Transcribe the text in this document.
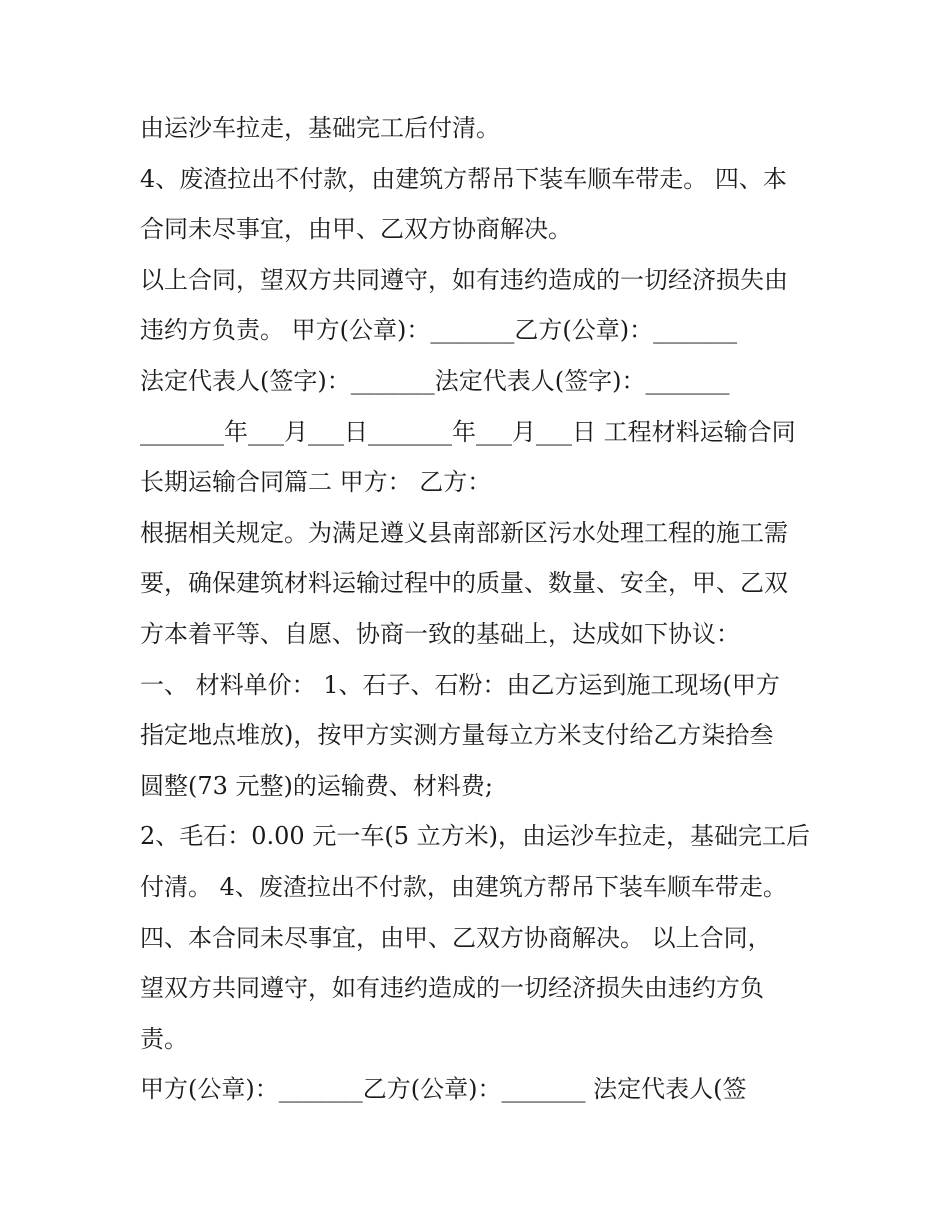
由运沙车拉走，基础完工后付清。
4、废渣拉出不付款，由建筑方帮吊下装车顺车带走。 四、本
合同未尽事宜，由甲、乙双方协商解决。
以上合同，望双方共同遵守，如有违约造成的一切经济损失由
违约方负责。 甲方(公章)：_______乙方(公章)：_______
法定代表人(签字)：_______法定代表人(签字)：_______
_______年___月___日_______年___月___日 工程材料运输合同
长期运输合同篇二 甲方： 乙方：
根据相关规定。为满足遵义县南部新区污水处理工程的施工需
要，确保建筑材料运输过程中的质量、数量、安全，甲、乙双
方本着平等、自愿、协商一致的基础上，达成如下协议：
一、 材料单价： 1、石子、石粉：由乙方运到施工现场(甲方
指定地点堆放)，按甲方实测方量每立方米支付给乙方柒拾叁
圆整(73 元整)的运输费、材料费;
2、毛石：0.00 元一车(5 立方米)，由运沙车拉走，基础完工后
付清。 4、废渣拉出不付款，由建筑方帮吊下装车顺车带走。
四、本合同未尽事宜，由甲、乙双方协商解决。 以上合同，
望双方共同遵守，如有违约造成的一切经济损失由违约方负
责。
甲方(公章)：_______乙方(公章)：_______ 法定代表人(签
